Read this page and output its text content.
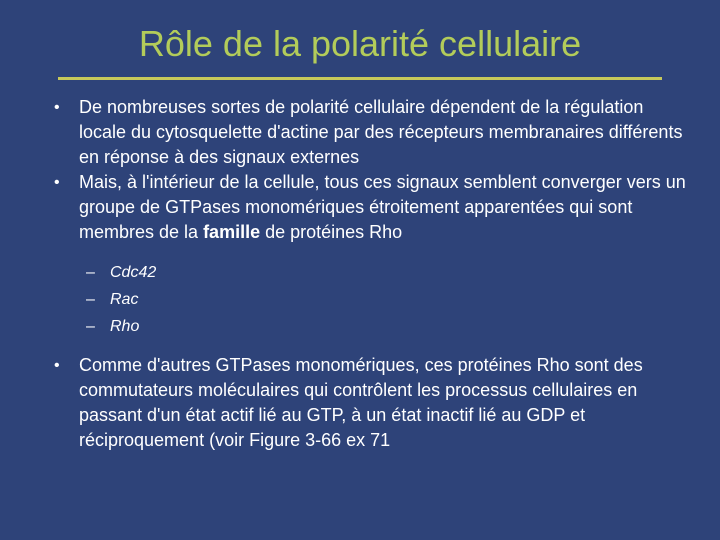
Rôle de la polarité cellulaire
• De nombreuses sortes de polarité cellulaire dépendent de la régulation locale du cytosquelette d'actine par des récepteurs membranaires différents en réponse à des signaux externes
• Mais, à l'intérieur de la cellule, tous ces signaux semblent converger vers un groupe de GTPases monomériques étroitement apparentées qui sont membres de la famille de protéines Rho
– Cdc42
– Rac
– Rho
• Comme d'autres GTPases monomériques, ces protéines Rho sont des commutateurs moléculaires qui contrôlent les processus cellulaires en passant d'un état actif lié au GTP, à un état inactif lié au GDP et réciproquement (voir Figure 3-66 ex 71
